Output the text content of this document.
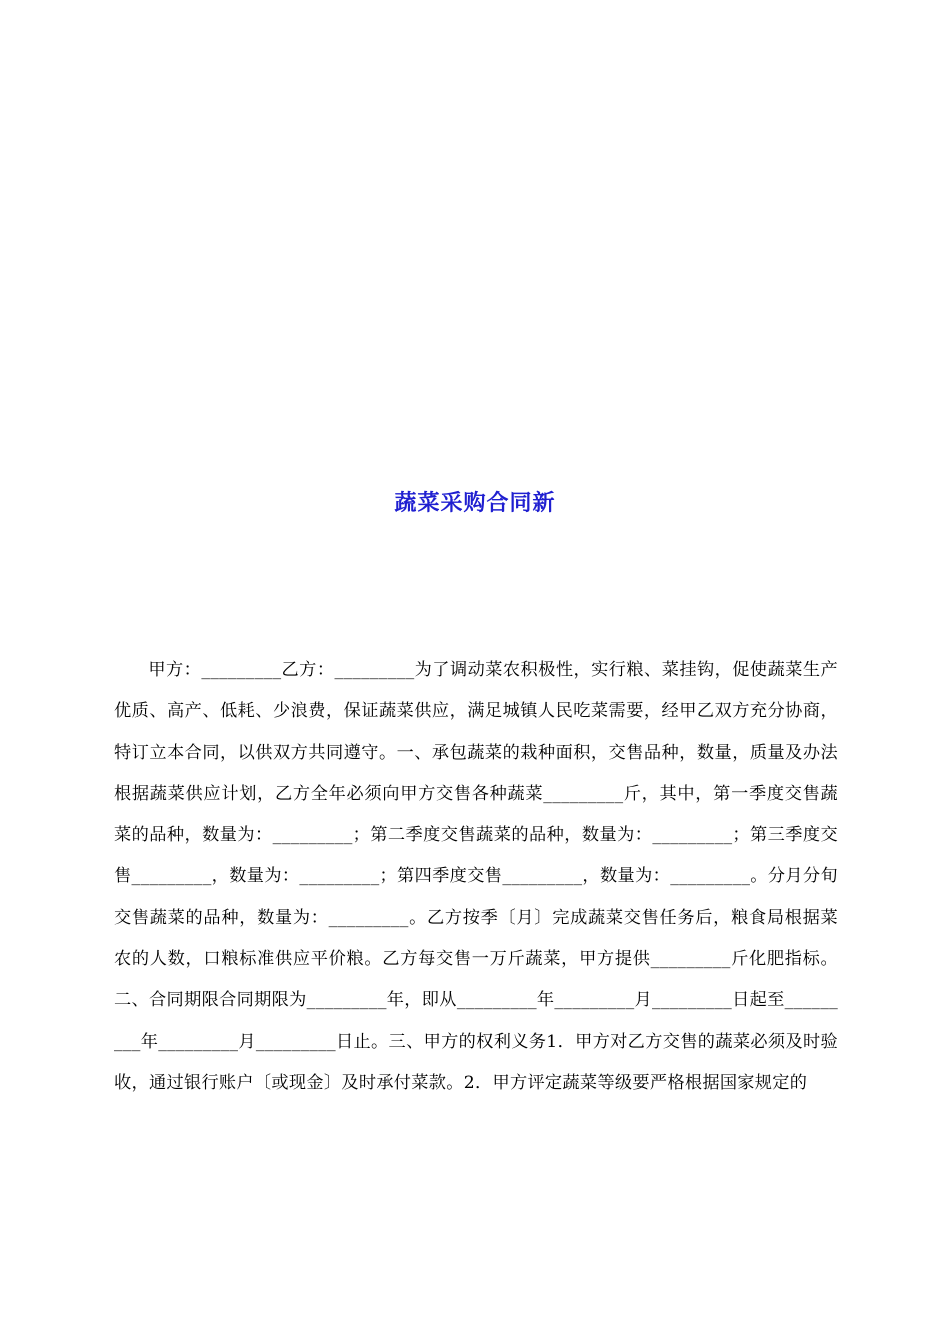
蔬菜采购合同新

甲方：_________乙方：_________为了调动菜农积极性，实行粮、菜挂钩，促使蔬菜生产优质、高产、低耗、少浪费，保证蔬菜供应，满足城镇人民吃菜需要，经甲乙双方充分协商，特订立本合同，以供双方共同遵守。一、承包蔬菜的栽种面积，交售品种，数量，质量及办法根据蔬菜供应计划，乙方全年必须向甲方交售各种蔬菜_________斤，其中，第一季度交售蔬菜的品种，数量为：_________；第二季度交售蔬菜的品种，数量为：_________；第三季度交售_________，数量为：_________；第四季度交售_________，数量为：_________。分月分旬交售蔬菜的品种，数量为：_________。乙方按季〔月〕完成蔬菜交售任务后，粮食局根据菜农的人数，口粮标准供应平价粮。乙方每交售一万斤蔬菜，甲方提供_________斤化肥指标。二、合同期限合同期限为_________年，即从_________年_________月_________日起至_________年_________月_________日止。三、甲方的权利义务1．甲方对乙方交售的蔬菜必须及时验收，通过银行账户〔或现金〕及时承付菜款。2．甲方评定蔬菜等级要严格根据国家规定的
